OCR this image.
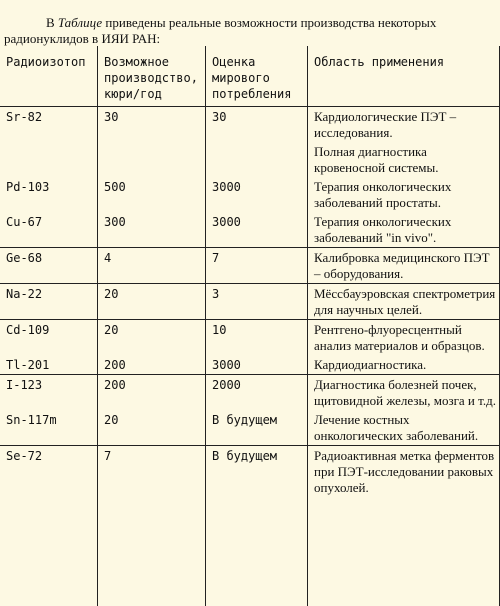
В Таблице приведены реальные возможности производства некоторых радионуклидов в ИЯИ РАН:

Радиоизотоп	Возможное производство, кюри/год	Оценка мирового потребления	Область применения
Sr-82	30	30	Кардиологические ПЭТ – исследования.
			Полная диагностика кровеносной системы.
Pd-103	500	3000	Терапия онкологических заболеваний простаты.
Cu-67	300	3000	Терапия онкологических заболеваний "in vivo".
Ge-68	4	7	Калибровка медицинского ПЭТ – оборудования.
Na-22	20	3	Мёссбауэровская спектрометрия для научных целей.
Cd-109	20	10	Рентгено-флуоресцентный анализ материалов и образцов.
Tl-201	200	3000	Кардиодиагностика.
I-123	200	2000	Диагностика болезней почек, щитовидной железы, мозга и т.д.
Sn-117m	20	В будущем	Лечение костных онкологических заболеваний.
Se-72	7	В будущем	Радиоактивная метка ферментов при ПЭТ-исследовании раковых опухолей.
